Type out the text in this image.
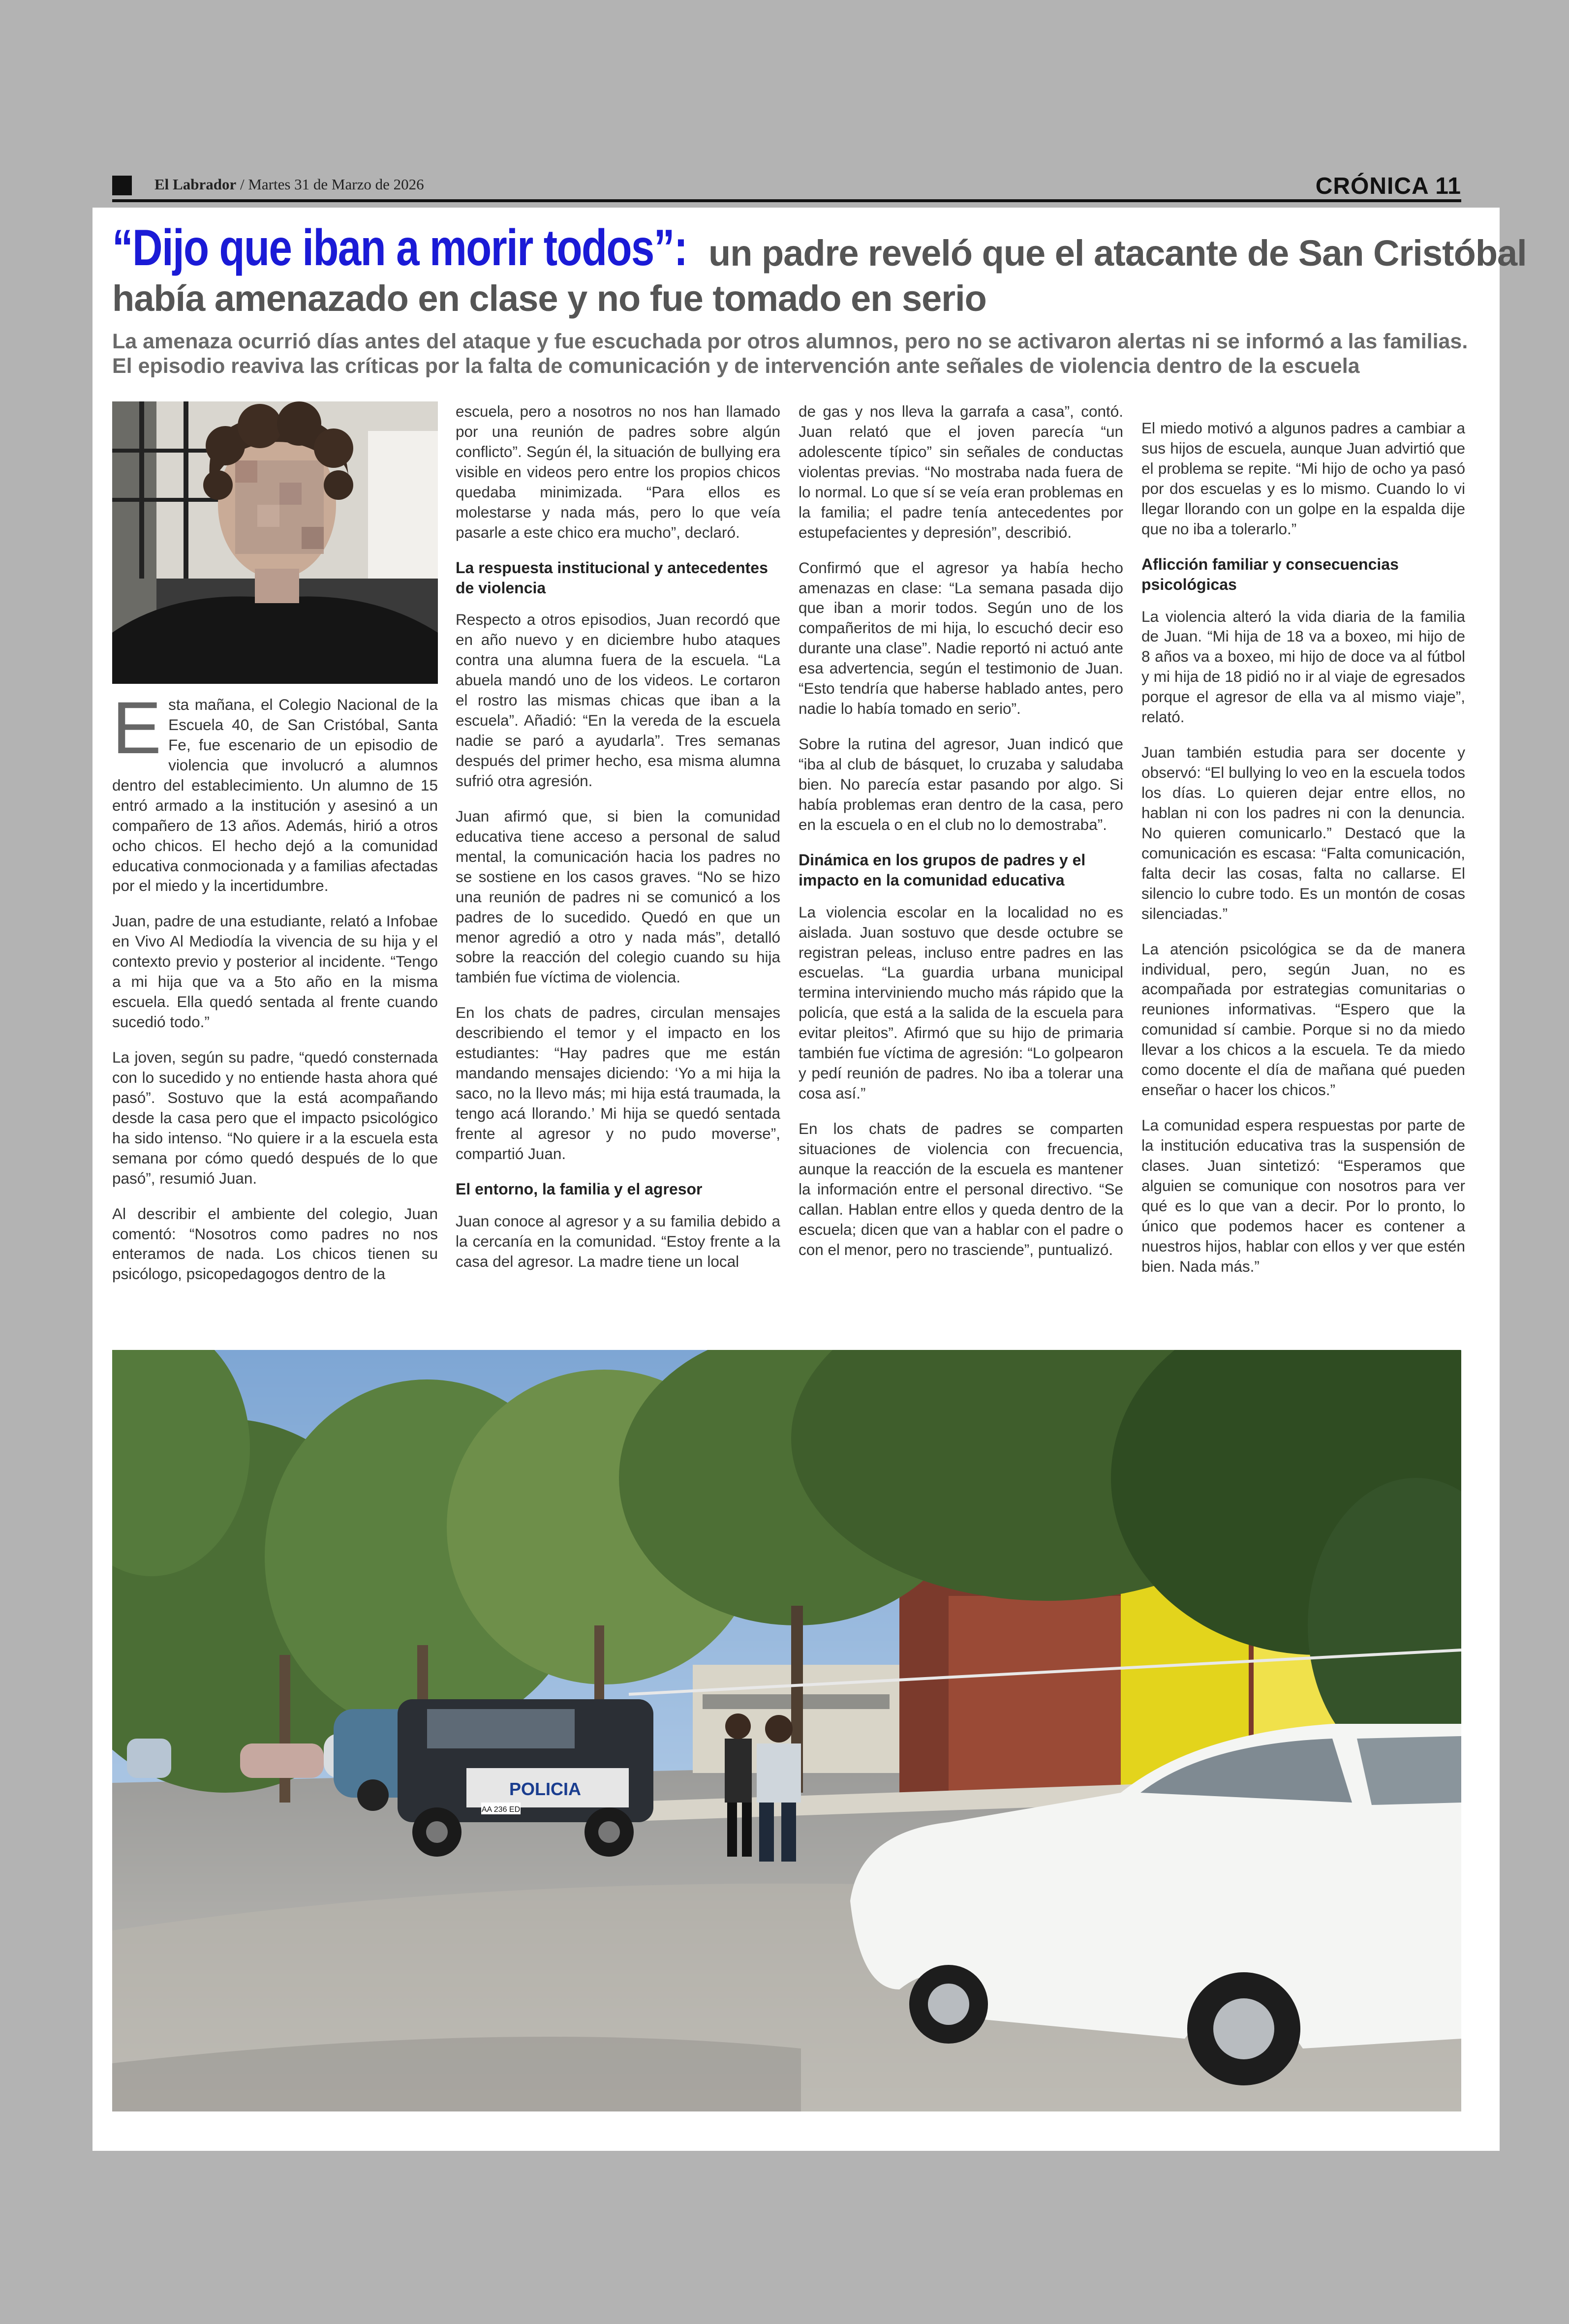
El Labrador / Martes 31 de Marzo de 2026	CRÓNICA 11
“Dijo que iban a morir todos”: un padre reveló que el atacante de San Cristóbal
había amenazado en clase y no fue tomado en serio
La amenaza ocurrió días antes del ataque y fue escuchada por otros alumnos, pero no se activaron alertas ni se informó a las familias.
El episodio reaviva las críticas por la falta de comunicación y de intervención ante señales de violencia dentro de la escuela

Esta mañana, el Colegio Nacional de la Escuela 40, de San Cristóbal, Santa Fe, fue escenario de un episodio de violencia que involucró a alumnos dentro del establecimiento. Un alumno de 15 entró armado a la institución y asesinó a un compañero de 13 años. Además, hirió a otros ocho chicos. El hecho dejó a la comunidad educativa conmocionada y a familias afectadas por el miedo y la incertidumbre.

Juan, padre de una estudiante, relató a Infobae en Vivo Al Mediodía la vivencia de su hija y el contexto previo y posterior al incidente. “Tengo a mi hija que va a 5to año en la misma escuela. Ella quedó sentada al frente cuando sucedió todo.”

La joven, según su padre, “quedó consternada con lo sucedido y no entiende hasta ahora qué pasó”. Sostuvo que la está acompañando desde la casa pero que el impacto psicológico ha sido intenso. “No quiere ir a la escuela esta semana por cómo quedó después de lo que pasó”, resumió Juan.

Al describir el ambiente del colegio, Juan comentó: “Nosotros como padres no nos enteramos de nada. Los chicos tienen su psicólogo, psicopedagogos dentro de la

escuela, pero a nosotros no nos han llamado por una reunión de padres sobre algún conflicto”. Según él, la situación de bullying era visible en videos pero entre los propios chicos quedaba minimizada. “Para ellos es molestarse y nada más, pero lo que veía pasarle a este chico era mucho”, declaró.

La respuesta institucional y antecedentes de violencia

Respecto a otros episodios, Juan recordó que en año nuevo y en diciembre hubo ataques contra una alumna fuera de la escuela. “La abuela mandó uno de los videos. Le cortaron el rostro las mismas chicas que iban a la escuela”. Añadió: “En la vereda de la escuela nadie se paró a ayudarla”. Tres semanas después del primer hecho, esa misma alumna sufrió otra agresión.

Juan afirmó que, si bien la comunidad educativa tiene acceso a personal de salud mental, la comunicación hacia los padres no se sostiene en los casos graves. “No se hizo una reunión de padres ni se comunicó a los padres de lo sucedido. Quedó en que un menor agredió a otro y nada más”, detalló sobre la reacción del colegio cuando su hija también fue víctima de violencia.

En los chats de padres, circulan mensajes describiendo el temor y el impacto en los estudiantes: “Hay padres que me están mandando mensajes diciendo: ‘Yo a mi hija la saco, no la llevo más; mi hija está traumada, la tengo acá llorando.’ Mi hija se quedó sentada frente al agresor y no pudo moverse”, compartió Juan.

El entorno, la familia y el agresor

Juan conoce al agresor y a su familia debido a la cercanía en la comunidad. “Estoy frente a la casa del agresor. La madre tiene un local

de gas y nos lleva la garrafa a casa”, contó. Juan relató que el joven parecía “un adolescente típico” sin señales de conductas violentas previas. “No mostraba nada fuera de lo normal. Lo que sí se veía eran problemas en la familia; el padre tenía antecedentes por estupefacientes y depresión”, describió.

Confirmó que el agresor ya había hecho amenazas en clase: “La semana pasada dijo que iban a morir todos. Según uno de los compañeritos de mi hija, lo escuchó decir eso durante una clase”. Nadie reportó ni actuó ante esa advertencia, según el testimonio de Juan. “Esto tendría que haberse hablado antes, pero nadie lo había tomado en serio”.

Sobre la rutina del agresor, Juan indicó que “iba al club de básquet, lo cruzaba y saludaba bien. No parecía estar pasando por algo. Si había problemas eran dentro de la casa, pero en la escuela o en el club no lo demostraba”.

Dinámica en los grupos de padres y el impacto en la comunidad educativa

La violencia escolar en la localidad no es aislada. Juan sostuvo que desde octubre se registran peleas, incluso entre padres en las escuelas. “La guardia urbana municipal termina interviniendo mucho más rápido que la policía, que está a la salida de la escuela para evitar pleitos”. Afirmó que su hijo de primaria también fue víctima de agresión: “Lo golpearon y pedí reunión de padres. No iba a tolerar una cosa así.”

En los chats de padres se comparten situaciones de violencia con frecuencia, aunque la reacción de la escuela es mantener la información entre el personal directivo. “Se callan. Hablan entre ellos y queda dentro de la escuela; dicen que van a hablar con el padre o con el menor, pero no trasciende”, puntualizó.

El miedo motivó a algunos padres a cambiar a sus hijos de escuela, aunque Juan advirtió que el problema se repite. “Mi hijo de ocho ya pasó por dos escuelas y es lo mismo. Cuando lo vi llegar llorando con un golpe en la espalda dije que no iba a tolerarlo.”

Aflicción familiar y consecuencias psicológicas

La violencia alteró la vida diaria de la familia de Juan. “Mi hija de 18 va a boxeo, mi hijo de 8 años va a boxeo, mi hijo de doce va al fútbol y mi hija de 18 pidió no ir al viaje de egresados porque el agresor de ella va al mismo viaje”, relató.

Juan también estudia para ser docente y observó: “El bullying lo veo en la escuela todos los días. Lo quieren dejar entre ellos, no hablan ni con los padres ni con la denuncia. No quieren comunicarlo.” Destacó que la comunicación es escasa: “Falta comunicación, falta decir las cosas, falta no callarse. El silencio lo cubre todo. Es un montón de cosas silenciadas.”

La atención psicológica se da de manera individual, pero, según Juan, no es acompañada por estrategias comunitarias o reuniones informativas. “Espero que la comunidad sí cambie. Porque si no da miedo llevar a los chicos a la escuela. Te da miedo como docente el día de mañana qué pueden enseñar o hacer los chicos.”

La comunidad espera respuestas por parte de la institución educativa tras la suspensión de clases. Juan sintetizó: “Esperamos que alguien se comunique con nosotros para ver qué es lo que van a decir. Por lo pronto, lo único que podemos hacer es contener a nuestros hijos, hablar con ellos y ver que estén bien. Nada más.”

POLICIA
AA 236 ED
